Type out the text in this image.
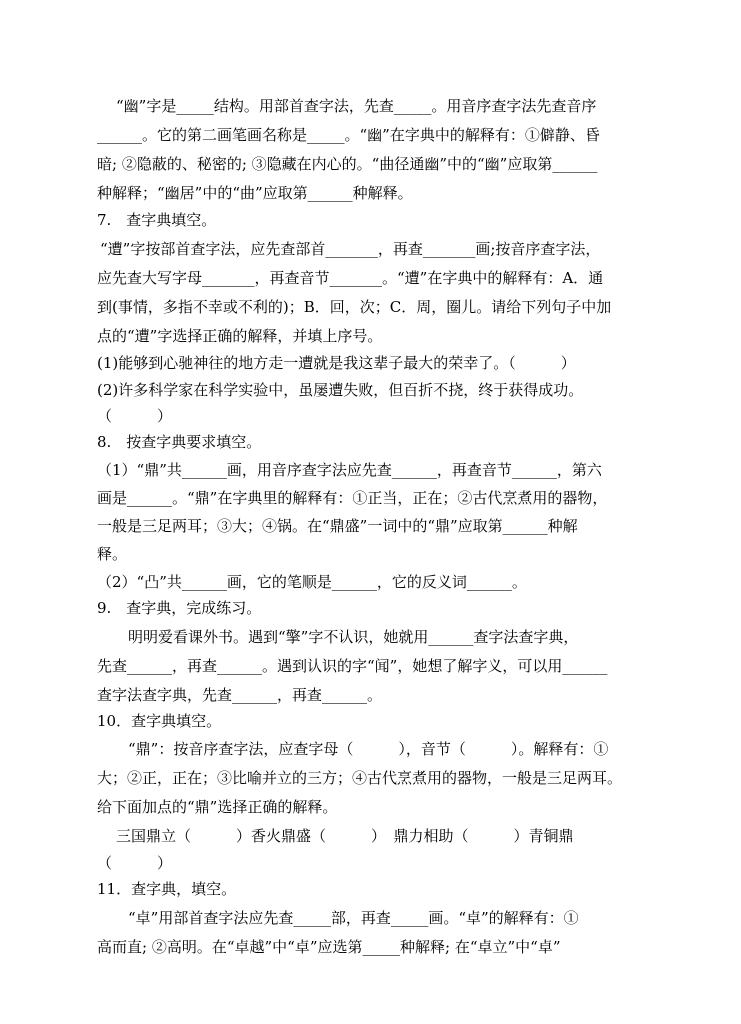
“幽”字是_____结构。用部首查字法，先查_____。用音序查字法先查音序
______。它的第二画笔画名称是_____。“幽”在字典中的解释有：①僻静、昏
暗; ②隐蔽的、秘密的; ③隐藏在内心的。“曲径通幽”中的“幽”应取第______
种解释；“幽居”中的“曲”应取第______种解释。
7.　查字典填空。
“遭”字按部首查字法，应先查部首_______，再查_______画;按音序查字法，
应先查大写字母_______，再查音节_______。“遭”在字典中的解释有：A．通
到(事情，多指不幸或不利的)；B．回，次；C．周，圈儿。请给下列句子中加
点的“遭”字选择正确的解释，并填上序号。
(1)能够到心驰神往的地方走一遭就是我这辈子最大的荣幸了。（　　　）
(2)许多科学家在科学实验中，虽屡遭失败，但百折不挠，终于获得成功。
（　　　）
8.　按查字典要求填空。
（1）“鼎”共______画，用音序查字法应先查______，再查音节______，第六
画是______。“鼎”在字典里的解释有：①正当，正在；②古代烹煮用的器物，
一般是三足两耳；③大；④锅。在“鼎盛”一词中的“鼎”应取第______种解
释。
（2）“凸”共______画，它的笔顺是______，它的反义词______。
9.　查字典，完成练习。
明明爱看课外书。遇到“擎”字不认识，她就用______查字法查字典，
先查______，再查______。遇到认识的字“闻”，她想了解字义，可以用______
查字法查字典，先查______，再查______。
10．查字典填空。
“鼎”：按音序查字法，应查字母（　　　），音节（　　　）。解释有：①
大；②正，正在；③比喻并立的三方；④古代烹煮用的器物，一般是三足两耳。
给下面加点的“鼎”选择正确的解释。
三国鼎立（　　　）香火鼎盛（　　　）　鼎力相助（　　　）青铜鼎
（　　　）
11．查字典，填空。
“卓”用部首查字法应先查_____部，再查_____画。“卓”的解释有：①
高而直; ②高明。在“卓越”中“卓”应选第_____种解释; 在“卓立”中“卓”
